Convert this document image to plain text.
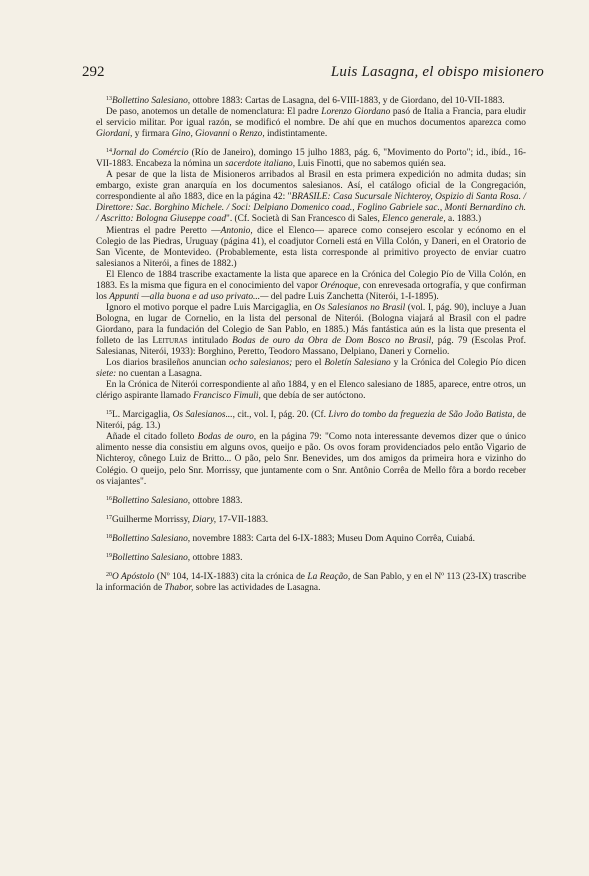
292	Luis Lasagna, el obispo misionero

$^{13}$Bollettino Salesiano, ottobre 1883: Cartas de Lasagna, del 6-VIII-1883, y de Giordano, del 10-VII-1883.

De paso, anotemos un detalle de nomenclatura: El padre Lorenzo Giordano pasó de Italia a Francia, para eludir el servicio militar. Por igual razón, se modificó el nombre. De ahí que en muchos documentos aparezca como Giordani, y firmara Gino, Giovanni o Renzo, indistintamente.

$^{14}$Jornal do Comércio (Río de Janeiro), domingo 15 julho 1883, pág. 6, "Movimento do Porto"; id., ibíd., 16-VII-1883. Encabeza la nómina un sacerdote italiano, Luis Finotti, que no sabemos quién sea.

A pesar de que la lista de Misioneros arribados al Brasil en esta primera expedición no admita dudas; sin embargo, existe gran anarquía en los documentos salesianos. Así, el catálogo oficial de la Congregación, correspondiente al año 1883, dice en la página 42: "BRASILE: Casa Sucursale Nichteroy, Ospizio di Santa Rosa. / Direttore: Sac. Borghino Michele. / Soci: Delpiano Domenico coad., Foglino Gabriele sac., Monti Bernardino ch. / Ascritto: Bologna Giuseppe coad". (Cf. Società di San Francesco di Sales, Elenco generale, a. 1883.)

Mientras el padre Peretto —Antonio, dice el Elenco— aparece como consejero escolar y ecónomo en el Colegio de las Piedras, Uruguay (página 41), el coadjutor Corneli está en Villa Colón, y Daneri, en el Oratorio de San Vicente, de Montevideo. (Probablemente, esta lista corresponde al primitivo proyecto de enviar cuatro salesianos a Niterói, a fines de 1882.)

El Elenco de 1884 trascribe exactamente la lista que aparece en la Crónica del Colegio Pío de Villa Colón, en 1883. Es la misma que figura en el conocimiento del vapor Orénoque, con enrevesada ortografía, y que confirman los Appunti —alla buona e ad uso privato...— del padre Luis Zanchetta (Niterói, 1-I-1895).

Ignoro el motivo porque el padre Luis Marcigaglia, en Os Salesianos no Brasil (vol. I, pág. 90), incluye a Juan Bologna, en lugar de Cornelio, en la lista del personal de Niterói. (Bologna viajará al Brasil con el padre Giordano, para la fundación del Colegio de San Pablo, en 1885.) Más fantástica aún es la lista que presenta el folleto de las Leituras intitulado Bodas de ouro da Obra de Dom Bosco no Brasil, pág. 79 (Escolas Prof. Salesianas, Niterói, 1933): Borghino, Peretto, Teodoro Massano, Delpiano, Daneri y Cornelio.

Los diarios brasileños anuncian ocho salesianos; pero el Boletín Salesiano y la Crónica del Colegio Pío dicen siete: no cuentan a Lasagna.

En la Crónica de Niterói correspondiente al año 1884, y en el Elenco salesiano de 1885, aparece, entre otros, un clérigo aspirante llamado Francisco Fimuli, que debía de ser autóctono.

$^{15}$L. Marcigaglia, Os Salesianos..., cit., vol. I, pág. 20. (Cf. Livro do tombo da freguezia de São João Batista, de Niterói, pág. 13.)

Añade el citado folleto Bodas de ouro, en la página 79: "Como nota interessante devemos dizer que o único alimento nesse dia consistiu em alguns ovos, queijo e pão. Os ovos foram providenciados pelo então Vigario de Nichteroy, cônego Luiz de Britto... O pão, pelo Snr. Benevides, um dos amigos da primeira hora e vizinho do Colégio. O queijo, pelo Snr. Morrissy, que juntamente com o Snr. Antônio Corrêa de Mello fôra a bordo receber os viajantes".

$^{16}$Bollettino Salesiano, ottobre 1883.

$^{17}$Guilherme Morrissy, Diary, 17-VII-1883.

$^{18}$Bollettino Salesiano, novembre 1883: Carta del 6-IX-1883; Museu Dom Aquino Corrêa, Cuiabá.

$^{19}$Bollettino Salesiano, ottobre 1883.

$^{20}$O Apóstolo (Nº 104, 14-IX-1883) cita la crónica de La Reação, de San Pablo, y en el Nº 113 (23-IX) trascribe la información de Thabor, sobre las actividades de Lasagna.
